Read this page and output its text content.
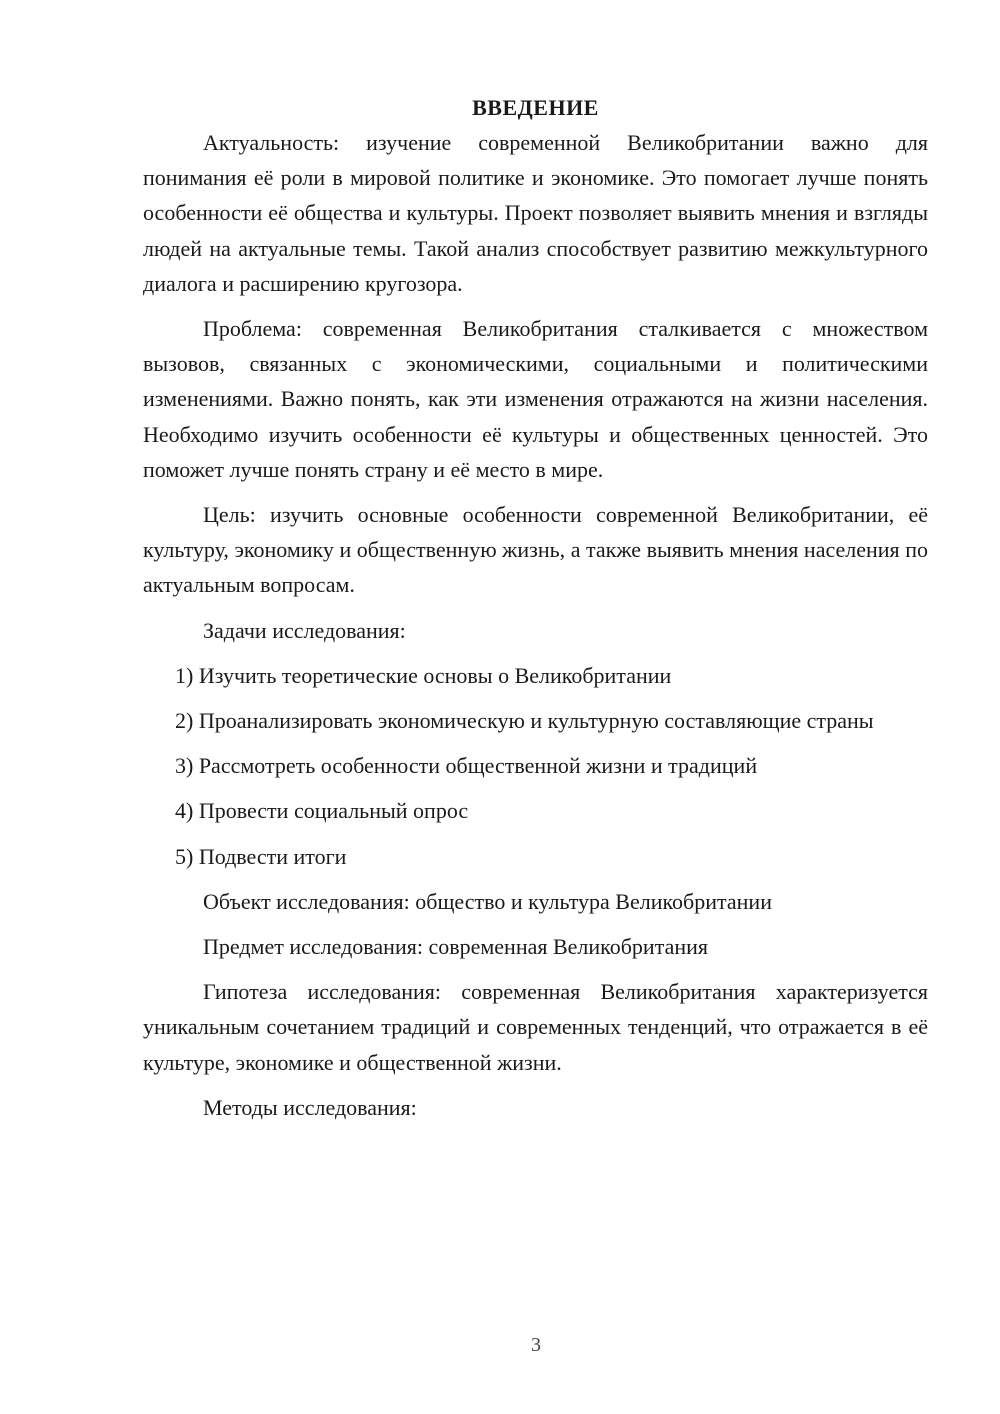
ВВЕДЕНИЕ

Актуальность: изучение современной Великобритании важно для понимания её роли в мировой политике и экономике. Это помогает лучше понять особенности её общества и культуры. Проект позволяет выявить мнения и взгляды людей на актуальные темы. Такой анализ способствует развитию межкультурного диалога и расширению кругозора.

Проблема: современная Великобритания сталкивается с множеством вызовов, связанных с экономическими, социальными и политическими изменениями. Важно понять, как эти изменения отражаются на жизни населения. Необходимо изучить особенности её культуры и общественных ценностей. Это поможет лучше понять страну и её место в мире.

Цель: изучить основные особенности современной Великобритании, её культуру, экономику и общественную жизнь, а также выявить мнения населения по актуальным вопросам.

Задачи исследования:

1) Изучить теоретические основы о Великобритании

2) Проанализировать экономическую и культурную составляющие страны

3) Рассмотреть особенности общественной жизни и традиций

4) Провести социальный опрос

5) Подвести итоги

Объект исследования: общество и культура Великобритании

Предмет исследования: современная Великобритания

Гипотеза исследования: современная Великобритания характеризуется уникальным сочетанием традиций и современных тенденций, что отражается в её культуре, экономике и общественной жизни.

Методы исследования:

3
